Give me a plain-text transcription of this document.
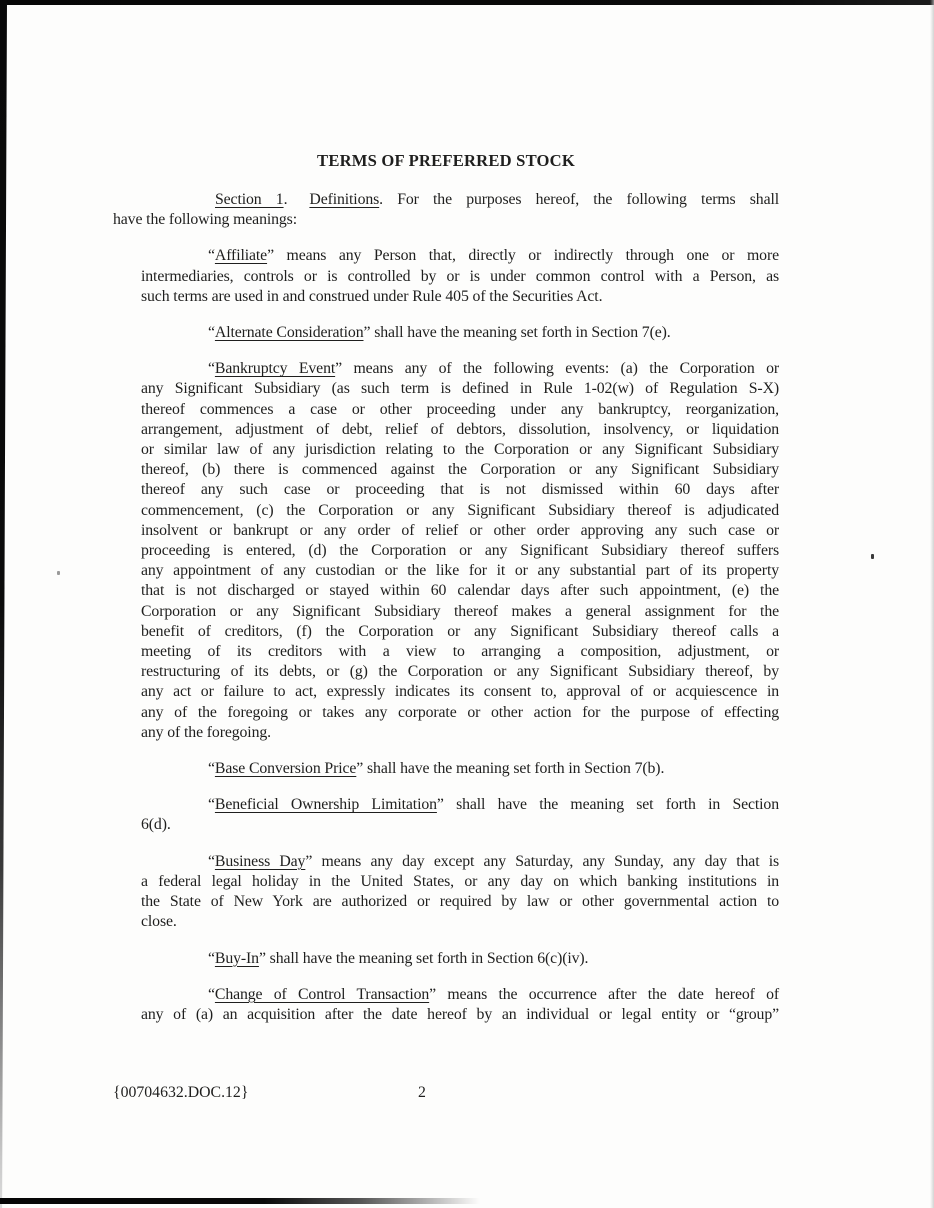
TERMS OF PREFERRED STOCK
Section 1. Definitions. For the purposes hereof, the following terms shall
have the following meanings:
“Affiliate” means any Person that, directly or indirectly through one or more
intermediaries, controls or is controlled by or is under common control with a Person, as
such terms are used in and construed under Rule 405 of the Securities Act.
“Alternate Consideration” shall have the meaning set forth in Section 7(e).
“Bankruptcy Event” means any of the following events: (a) the Corporation or
any Significant Subsidiary (as such term is defined in Rule 1-02(w) of Regulation S-X)
thereof commences a case or other proceeding under any bankruptcy, reorganization,
arrangement, adjustment of debt, relief of debtors, dissolution, insolvency, or liquidation
or similar law of any jurisdiction relating to the Corporation or any Significant Subsidiary
thereof, (b) there is commenced against the Corporation or any Significant Subsidiary
thereof any such case or proceeding that is not dismissed within 60 days after
commencement, (c) the Corporation or any Significant Subsidiary thereof is adjudicated
insolvent or bankrupt or any order of relief or other order approving any such case or
proceeding is entered, (d) the Corporation or any Significant Subsidiary thereof suffers
any appointment of any custodian or the like for it or any substantial part of its property
that is not discharged or stayed within 60 calendar days after such appointment, (e) the
Corporation or any Significant Subsidiary thereof makes a general assignment for the
benefit of creditors, (f) the Corporation or any Significant Subsidiary thereof calls a
meeting of its creditors with a view to arranging a composition, adjustment, or
restructuring of its debts, or (g) the Corporation or any Significant Subsidiary thereof, by
any act or failure to act, expressly indicates its consent to, approval of or acquiescence in
any of the foregoing or takes any corporate or other action for the purpose of effecting
any of the foregoing.
“Base Conversion Price” shall have the meaning set forth in Section 7(b).
“Beneficial Ownership Limitation” shall have the meaning set forth in Section
6(d).
“Business Day” means any day except any Saturday, any Sunday, any day that is
a federal legal holiday in the United States, or any day on which banking institutions in
the State of New York are authorized or required by law or other governmental action to
close.
“Buy-In” shall have the meaning set forth in Section 6(c)(iv).
“Change of Control Transaction” means the occurrence after the date hereof of
any of (a) an acquisition after the date hereof by an individual or legal entity or “group”
{00704632.DOC.12}	2
